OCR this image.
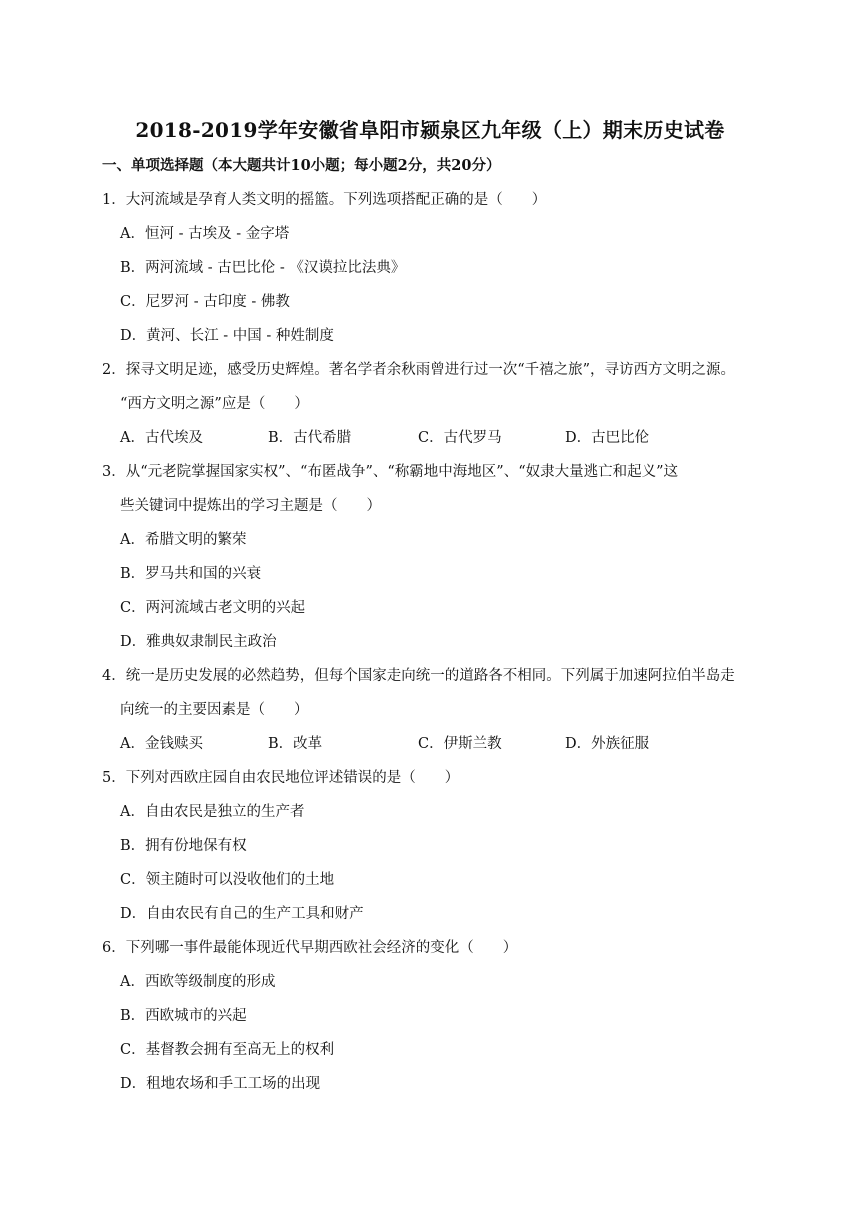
2018-2019学年安徽省阜阳市颍泉区九年级（上）期末历史试卷
一、单项选择题（本大题共计10小题；每小题2分，共20分）
1．大河流域是孕育人类文明的摇篮。下列选项搭配正确的是（　　）
A．恒河 - 古埃及 - 金字塔
B．两河流域 - 古巴比伦 - 《汉谟拉比法典》
C．尼罗河 - 古印度 - 佛教
D．黄河、长江 - 中国 - 种姓制度
2．探寻文明足迹，感受历史辉煌。著名学者余秋雨曾进行过一次“千禧之旅”，寻访西方文明之源。
“西方文明之源”应是（　　）
A．古代埃及	B．古代希腊	C．古代罗马	D．古巴比伦
3．从“元老院掌握国家实权”、“布匿战争”、“称霸地中海地区”、“奴隶大量逃亡和起义”这
些关键词中提炼出的学习主题是（　　）
A．希腊文明的繁荣
B．罗马共和国的兴衰
C．两河流域古老文明的兴起
D．雅典奴隶制民主政治
4．统一是历史发展的必然趋势，但每个国家走向统一的道路各不相同。下列属于加速阿拉伯半岛走
向统一的主要因素是（　　）
A．金钱赎买	B．改革	C．伊斯兰教	D．外族征服
5．下列对西欧庄园自由农民地位评述错误的是（　　）
A．自由农民是独立的生产者
B．拥有份地保有权
C．领主随时可以没收他们的土地
D．自由农民有自己的生产工具和财产
6．下列哪一事件最能体现近代早期西欧社会经济的变化（　　）
A．西欧等级制度的形成
B．西欧城市的兴起
C．基督教会拥有至高无上的权利
D．租地农场和手工工场的出现
